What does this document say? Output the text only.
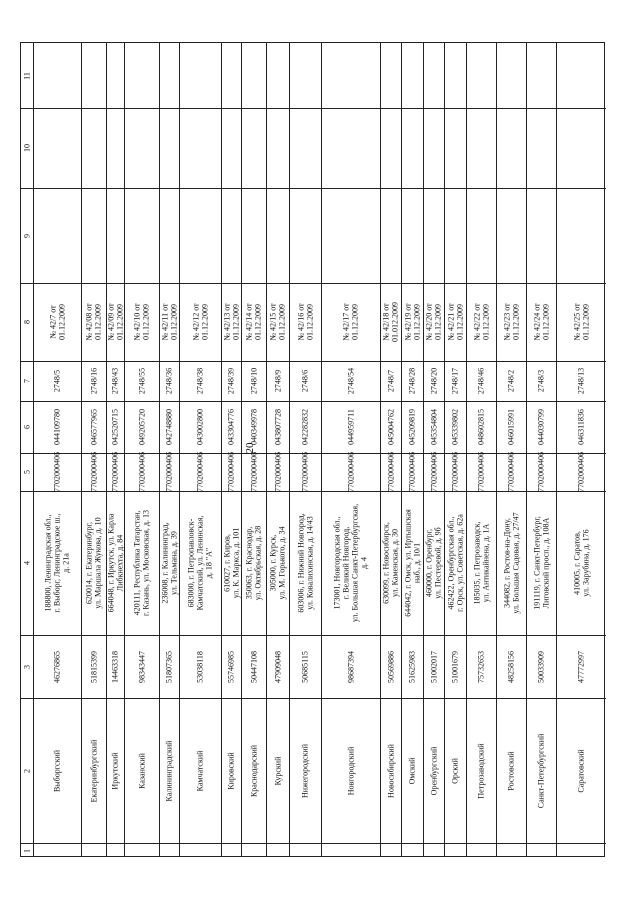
20
1
2
3
4
5
6
7
8
9
10
11
Выборгский
46276865
188800, Ленинградская обл., г. Выборг, Ленинградское ш., д. 21а
7702000406
044109780
2748/5
№ 42/7 от 01.12.2009
Екатеринбургский
51815399
620014, г. Екатеринбург, ул. Маршала Жукова, д. 10
7702000406
046577965
2748/16
№ 42/08 от 01.12.2009
Иркутский
14463318
664048, г. Иркутск, ул. Карла Либкнехта, д. 84
7702000406
042520715
2748/43
№ 42/09 от 01.12.2009
Казанский
98343447
420111, Республика Татарстан, г. Казань, ул. Московская, д. 13
7702000406
049205720
2748/55
№ 42/10 от 01.12.2009
Калининградский
51807365
236008, г. Калининград, ул. Тельмана, д. 39
7702000406
042748880
2748/36
№ 42/11 от 01.12.2009
Камчатский
53038118
683000, г. Петропавловск- Камчатский, ул. Ленинская, д. 18 "А"
7702000406
043002800
2748/38
№ 42/12 от 01.12.2009
Кировский
55746985
610027, г. Киров, ул. К. Маркса, д. 101
7702000406
043304776
2748/39
№ 42/13 от 01.12.2009
Краснодарский
50447108
350063, г. Краснодар, ул. Октябрьская, д. 28
7702000406
040349978
2748/10
№ 42/14 от 01.12.2009
Курский
47909048
305000, г. Курск, ул. М. Горького, д. 34
7702000406
043807728
2748/9
№ 42/15 от 01.12.2009
Нижегородский
50685115
603006, г. Нижний Новгород, ул. Ковалихинская, д. 14/43
7702000406
042282832
2748/6
№ 42/16 от 01.12.2009
Новгородский
98687394
173001, Новгородская обл., г. Великий Новгород, ул. Большая Санкт-Петербургская, д. 4
7702000406
044959711
2748/54
№ 42/17 от 01.12.2009
Новосибирский
50569886
630099, г. Новосибирск, ул. Каменская, д. 30
7702000406
045004762
2748/7
№ 42/18 от 01.012.2009
Омский
51625983
644042, г. Омск, ул. Иртышская наб., д. 10/1
7702000406
045209819
2748/28
№ 42/19 от 01.12.2009
Оренбургский
51002017
460000, г. Оренбург, ул. Пестеревой, д. 9б
7702000406
045354804
2748/20
№ 42/20 от 01.12.2009
Орский
51001679
462422, Оренбургская обл., г. Орск, ул. Советская, д. 62а
7702000406
045339802
2748/17
№ 42/21 от 01.12.2009
Петрозаводский
75732653
185035, г. Петрозаводск, ул. Антикайнена, д. 1А
7702000406
048602815
2748/46
№ 42/22 от 01.12.2009
Ростовский
48258156
344082, г. Ростов-на-Дону, ул. Большая Садовая, д. 27/47
7702000406
046015991
2748/2
№ 42/23 от 01.12.2009
Санкт-Петербургский
50033909
191119, г. Санкт-Петербург, Лиговский просп., д. 108А
7702000406
044030799
2748/3
№ 42/24 от 01.12.2009
Саратовский
47772997
410005, г. Саратов, ул. Зарубина, д. 176
7702000406
046311836
2748/13
№ 42/25 от 01.12.2009
